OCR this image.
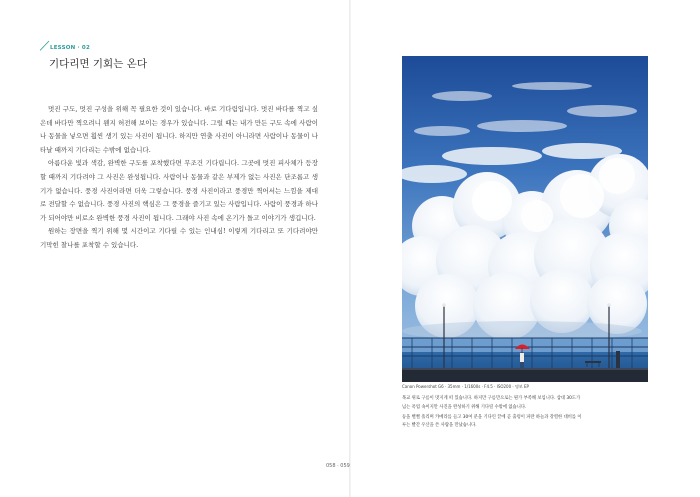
LESSON · 02
기다리면 기회는 온다

멋진 구도, 멋진 구성을 위해 꼭 필요한 것이 있습니다. 바로 기다림입니다. 멋진 바다를 찍고 싶은데 바다만 찍으려니 웬지 허전해 보이는 경우가 있습니다. 그럴 때는 내가 만든 구도 속에 사람이나 동물을 넣으면 훨씬 생기 있는 사진이 됩니다. 하지만 연출 사진이 아니라면 사람이나 동물이 나타날 때까지 기다리는 수밖에 없습니다.

아름다운 빛과 색감, 완벽한 구도를 포착했다면 무조건 기다립니다. 그곳에 멋진 피사체가 등장할 때까지 기다려야 그 사진은 완성됩니다. 사람이나 동물과 같은 부제가 없는 사진은 단조롭고 생기가 없습니다. 풍경 사진이라면 더욱 그렇습니다. 풍경 사진이라고 풍경만 찍어서는 느낌을 제대로 전달할 수 없습니다. 풍경 사진의 핵심은 그 풍경을 즐기고 있는 사람입니다. 사람이 풍경과 하나가 되어야만 비로소 완벽한 풍경 사진이 됩니다. 그래야 사진 속에 온기가 돌고 이야기가 생깁니다.

원하는 장면을 찍기 위해 몇 시간이고 기다릴 수 있는 인내심! 이렇게 기다리고 또 기다려야만 기막힌 찰나를 포착할 수 있습니다.

058 · 059
Canon Powershot G6 · 35mm · 1/1600s · F4.5 · ISO200 · 명보 EP

목교 위로 구름이 멋지게 떠 있습니다. 하지만 구름만으로는 뭔가 부족해 보입니다. 삼대 30도가 넘는 폭염 속이지만 사진을 완성하기 위해 기다릴 수밖에 없습니다.

등을 뻘뻘 흘리며 카메라를 들고 30여 분을 기다린 끝에 곧 출렁이 파란 하늘과 강렬한 대비를 이루는 빨간 우산을 쓴 사람을 만났습니다.
